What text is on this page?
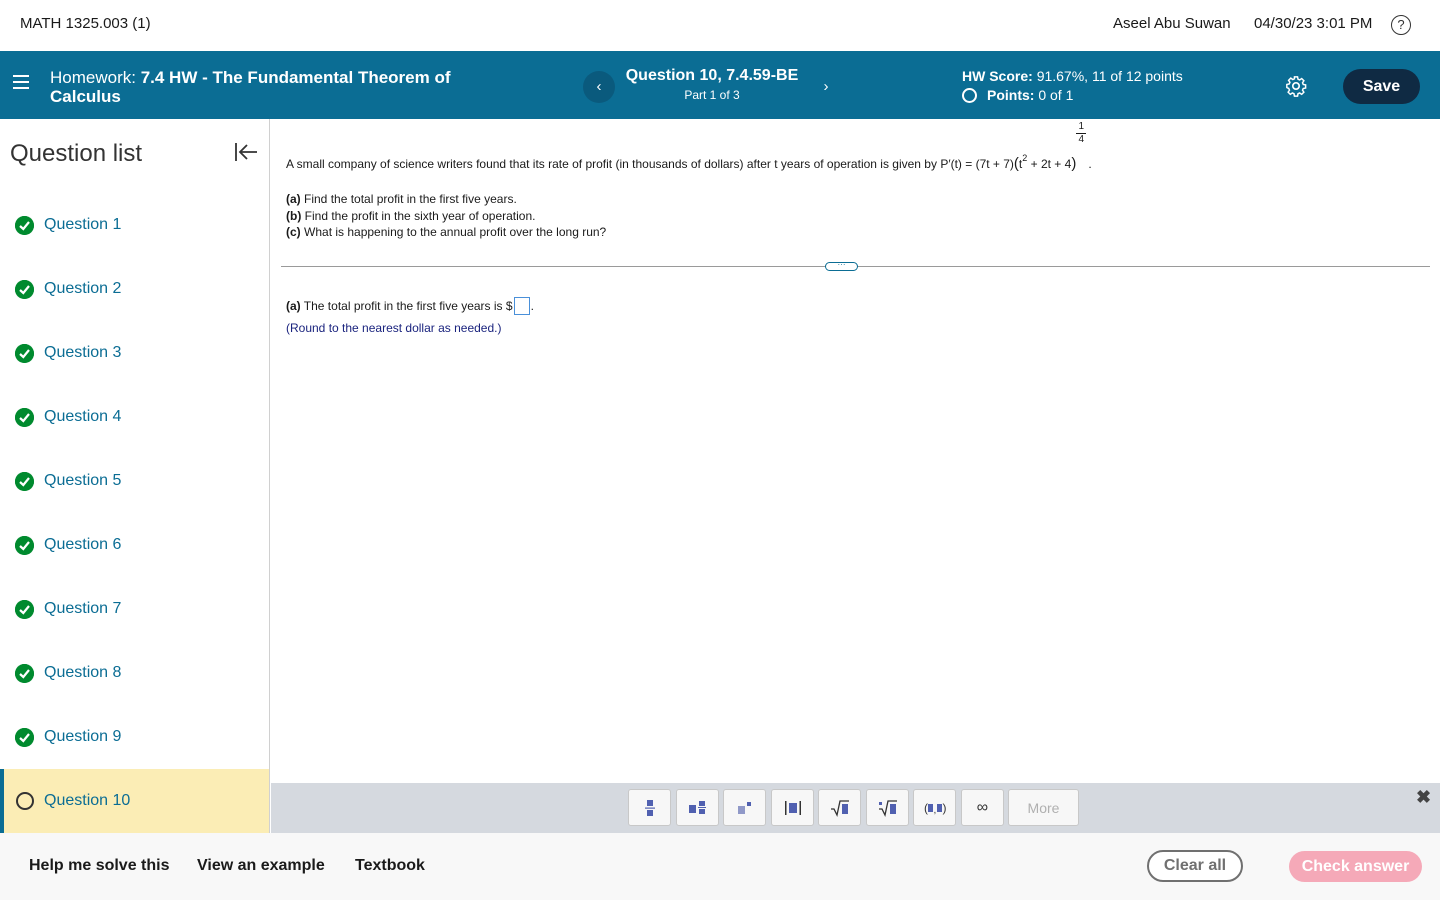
MATH 1325.003 (1)	Aseel Abu Suwan 04/30/23 3:01 PM	?
Homework: 7.4 HW - The Fundamental Theorem of Calculus
‹
Question 10, 7.4.59-BE
Part 1 of 3	›
HW Score: 91.67%, 11 of 12 points
Points:
0 of 1	Save
Question list
Question 1
Question 2
Question 3
Question 4
Question 5
Question 6
Question 7
Question 8
Question 9
Question 10
A small company of science writers found that its rate of profit (in thousands of dollars) after t years of operation is given by $P'(t) = (7t + 7)(t^2 + 2t + 4)$
1
4
.
(a) Find the total profit in the first five years.
(b) Find the profit in the sixth year of operation.
(c) What is happening to the annual profit over the long run?
···
(a) The total profit in the first five years is $ .
(Round to the nearest dollar as needed.)
( , )	∞	More
✖
Help me solve this View an example Textbook	Clear all	Check answer
